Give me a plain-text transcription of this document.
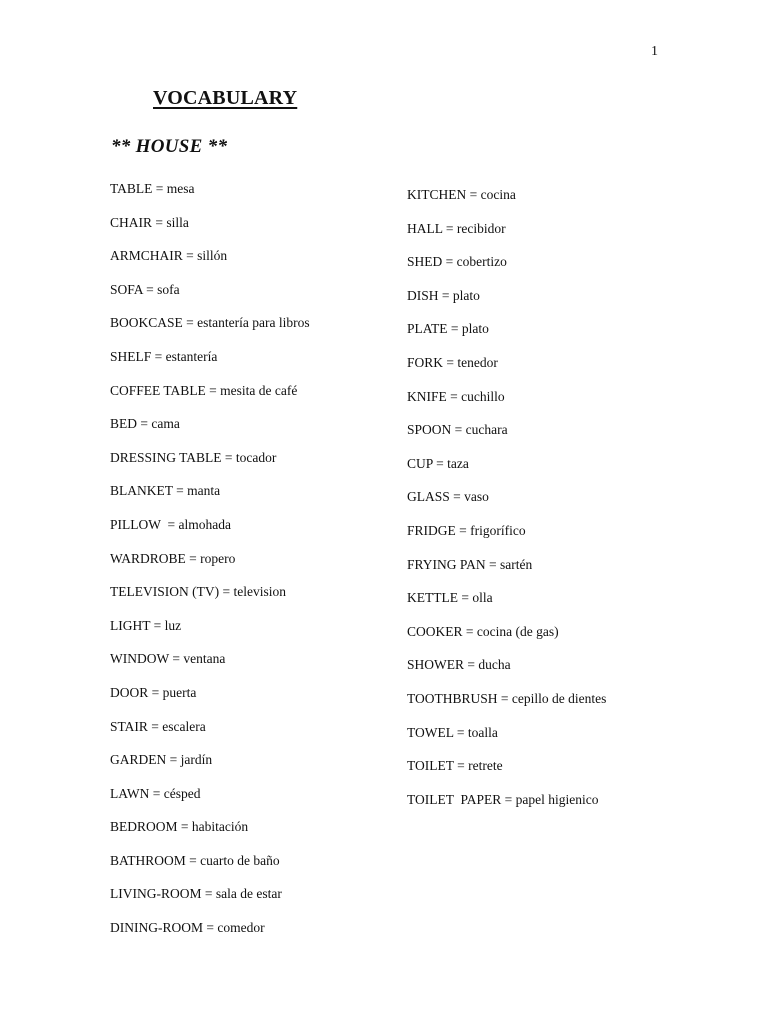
1
VOCABULARY
** HOUSE **
TABLE = mesa
CHAIR = silla
ARMCHAIR = sillón
SOFA = sofa
BOOKCASE = estantería para libros
SHELF = estantería
COFFEE TABLE = mesita de café
BED = cama
DRESSING TABLE = tocador
BLANKET = manta
PILLOW  = almohada
WARDROBE = ropero
TELEVISION (TV) = television
LIGHT = luz
WINDOW = ventana
DOOR = puerta
STAIR = escalera
GARDEN = jardín
LAWN = césped
BEDROOM = habitación
BATHROOM = cuarto de baño
LIVING-ROOM = sala de estar
DINING-ROOM = comedor
KITCHEN = cocina
HALL = recibidor
SHED = cobertizo
DISH = plato
PLATE = plato
FORK = tenedor
KNIFE = cuchillo
SPOON = cuchara
CUP = taza
GLASS = vaso
FRIDGE = frigorífico
FRYING PAN = sartén
KETTLE = olla
COOKER = cocina (de gas)
SHOWER = ducha
TOOTHBRUSH = cepillo de dientes
TOWEL = toalla
TOILET = retrete
TOILET  PAPER = papel higienico
